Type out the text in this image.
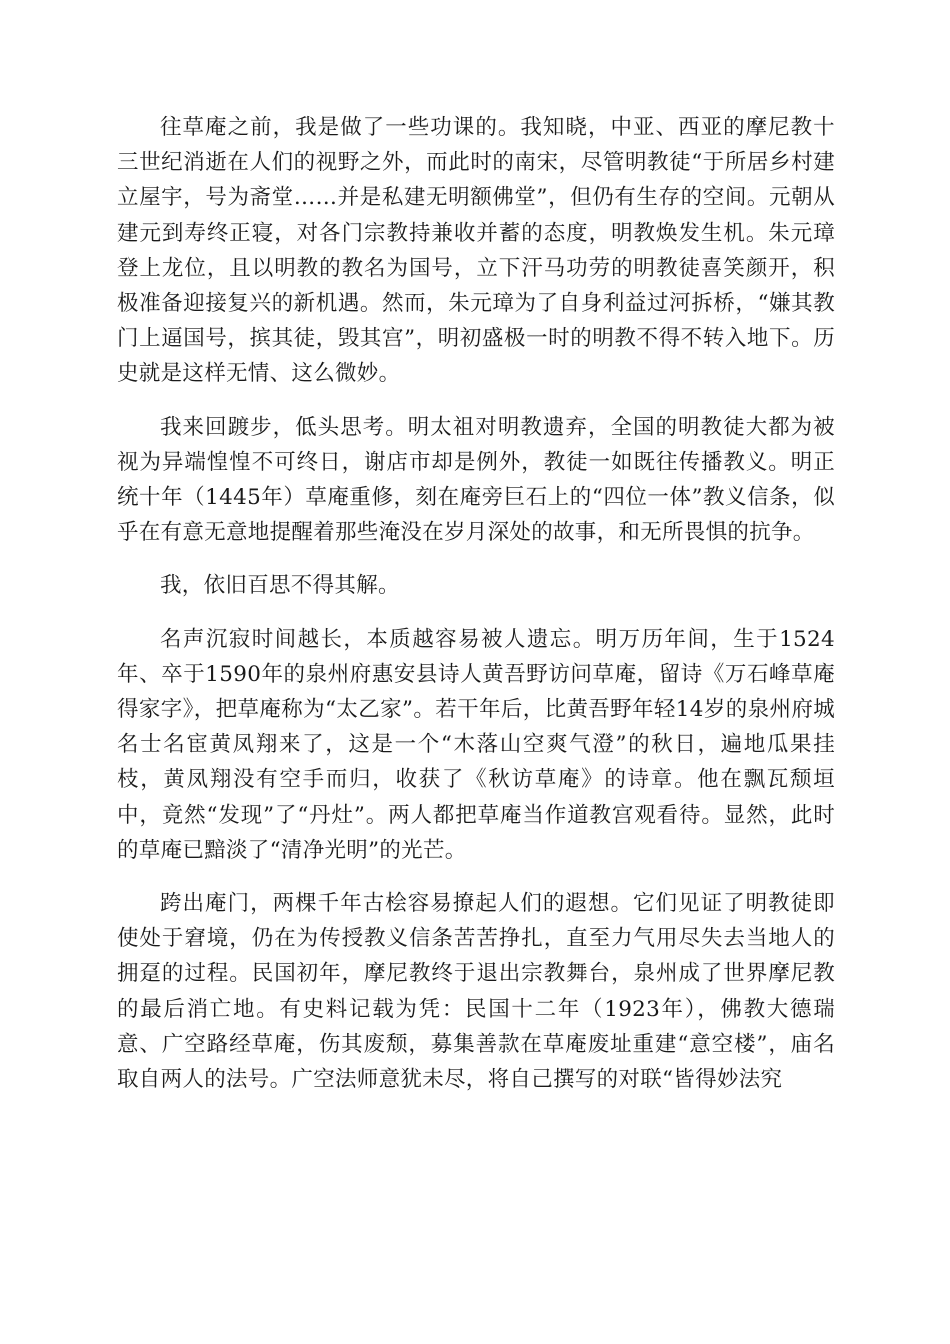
往草庵之前，我是做了一些功课的。我知晓，中亚、西亚的摩尼教十三世纪消逝在人们的视野之外，而此时的南宋，尽管明教徒“于所居乡村建立屋宇，号为斋堂……并是私建无明额佛堂”，但仍有生存的空间。元朝从建元到寿终正寝，对各门宗教持兼收并蓄的态度，明教焕发生机。朱元璋登上龙位，且以明教的教名为国号，立下汗马功劳的明教徒喜笑颜开，积极准备迎接复兴的新机遇。然而，朱元璋为了自身利益过河拆桥，“嫌其教门上逼国号，摈其徒，毁其宫”，明初盛极一时的明教不得不转入地下。历史就是这样无情、这么微妙。

我来回踱步，低头思考。明太祖对明教遗弃，全国的明教徒大都为被视为异端惶惶不可终日，谢店市却是例外，教徒一如既往传播教义。明正统十年（1445年）草庵重修，刻在庵旁巨石上的“四位一体”教义信条，似乎在有意无意地提醒着那些淹没在岁月深处的故事，和无所畏惧的抗争。

我，依旧百思不得其解。

名声沉寂时间越长，本质越容易被人遗忘。明万历年间，生于1524年、卒于1590年的泉州府惠安县诗人黄吾野访问草庵，留诗《万石峰草庵得家字》，把草庵称为“太乙家”。若干年后，比黄吾野年轻14岁的泉州府城名士名宦黄凤翔来了，这是一个“木落山空爽气澄”的秋日，遍地瓜果挂枝，黄凤翔没有空手而归，收获了《秋访草庵》的诗章。他在飘瓦颓垣中，竟然“发现”了“丹灶”。两人都把草庵当作道教宫观看待。显然，此时的草庵已黯淡了“清净光明”的光芒。

跨出庵门，两棵千年古桧容易撩起人们的遐想。它们见证了明教徒即使处于窘境，仍在为传授教义信条苦苦挣扎，直至力气用尽失去当地人的拥趸的过程。民国初年，摩尼教终于退出宗教舞台，泉州成了世界摩尼教的最后消亡地。有史料记载为凭：民国十二年（1923年），佛教大德瑞意、广空路经草庵，伤其废颓，募集善款在草庵废址重建“意空楼”，庙名取自两人的法号。广空法师意犹未尽，将自己撰写的对联“皆得妙法究
